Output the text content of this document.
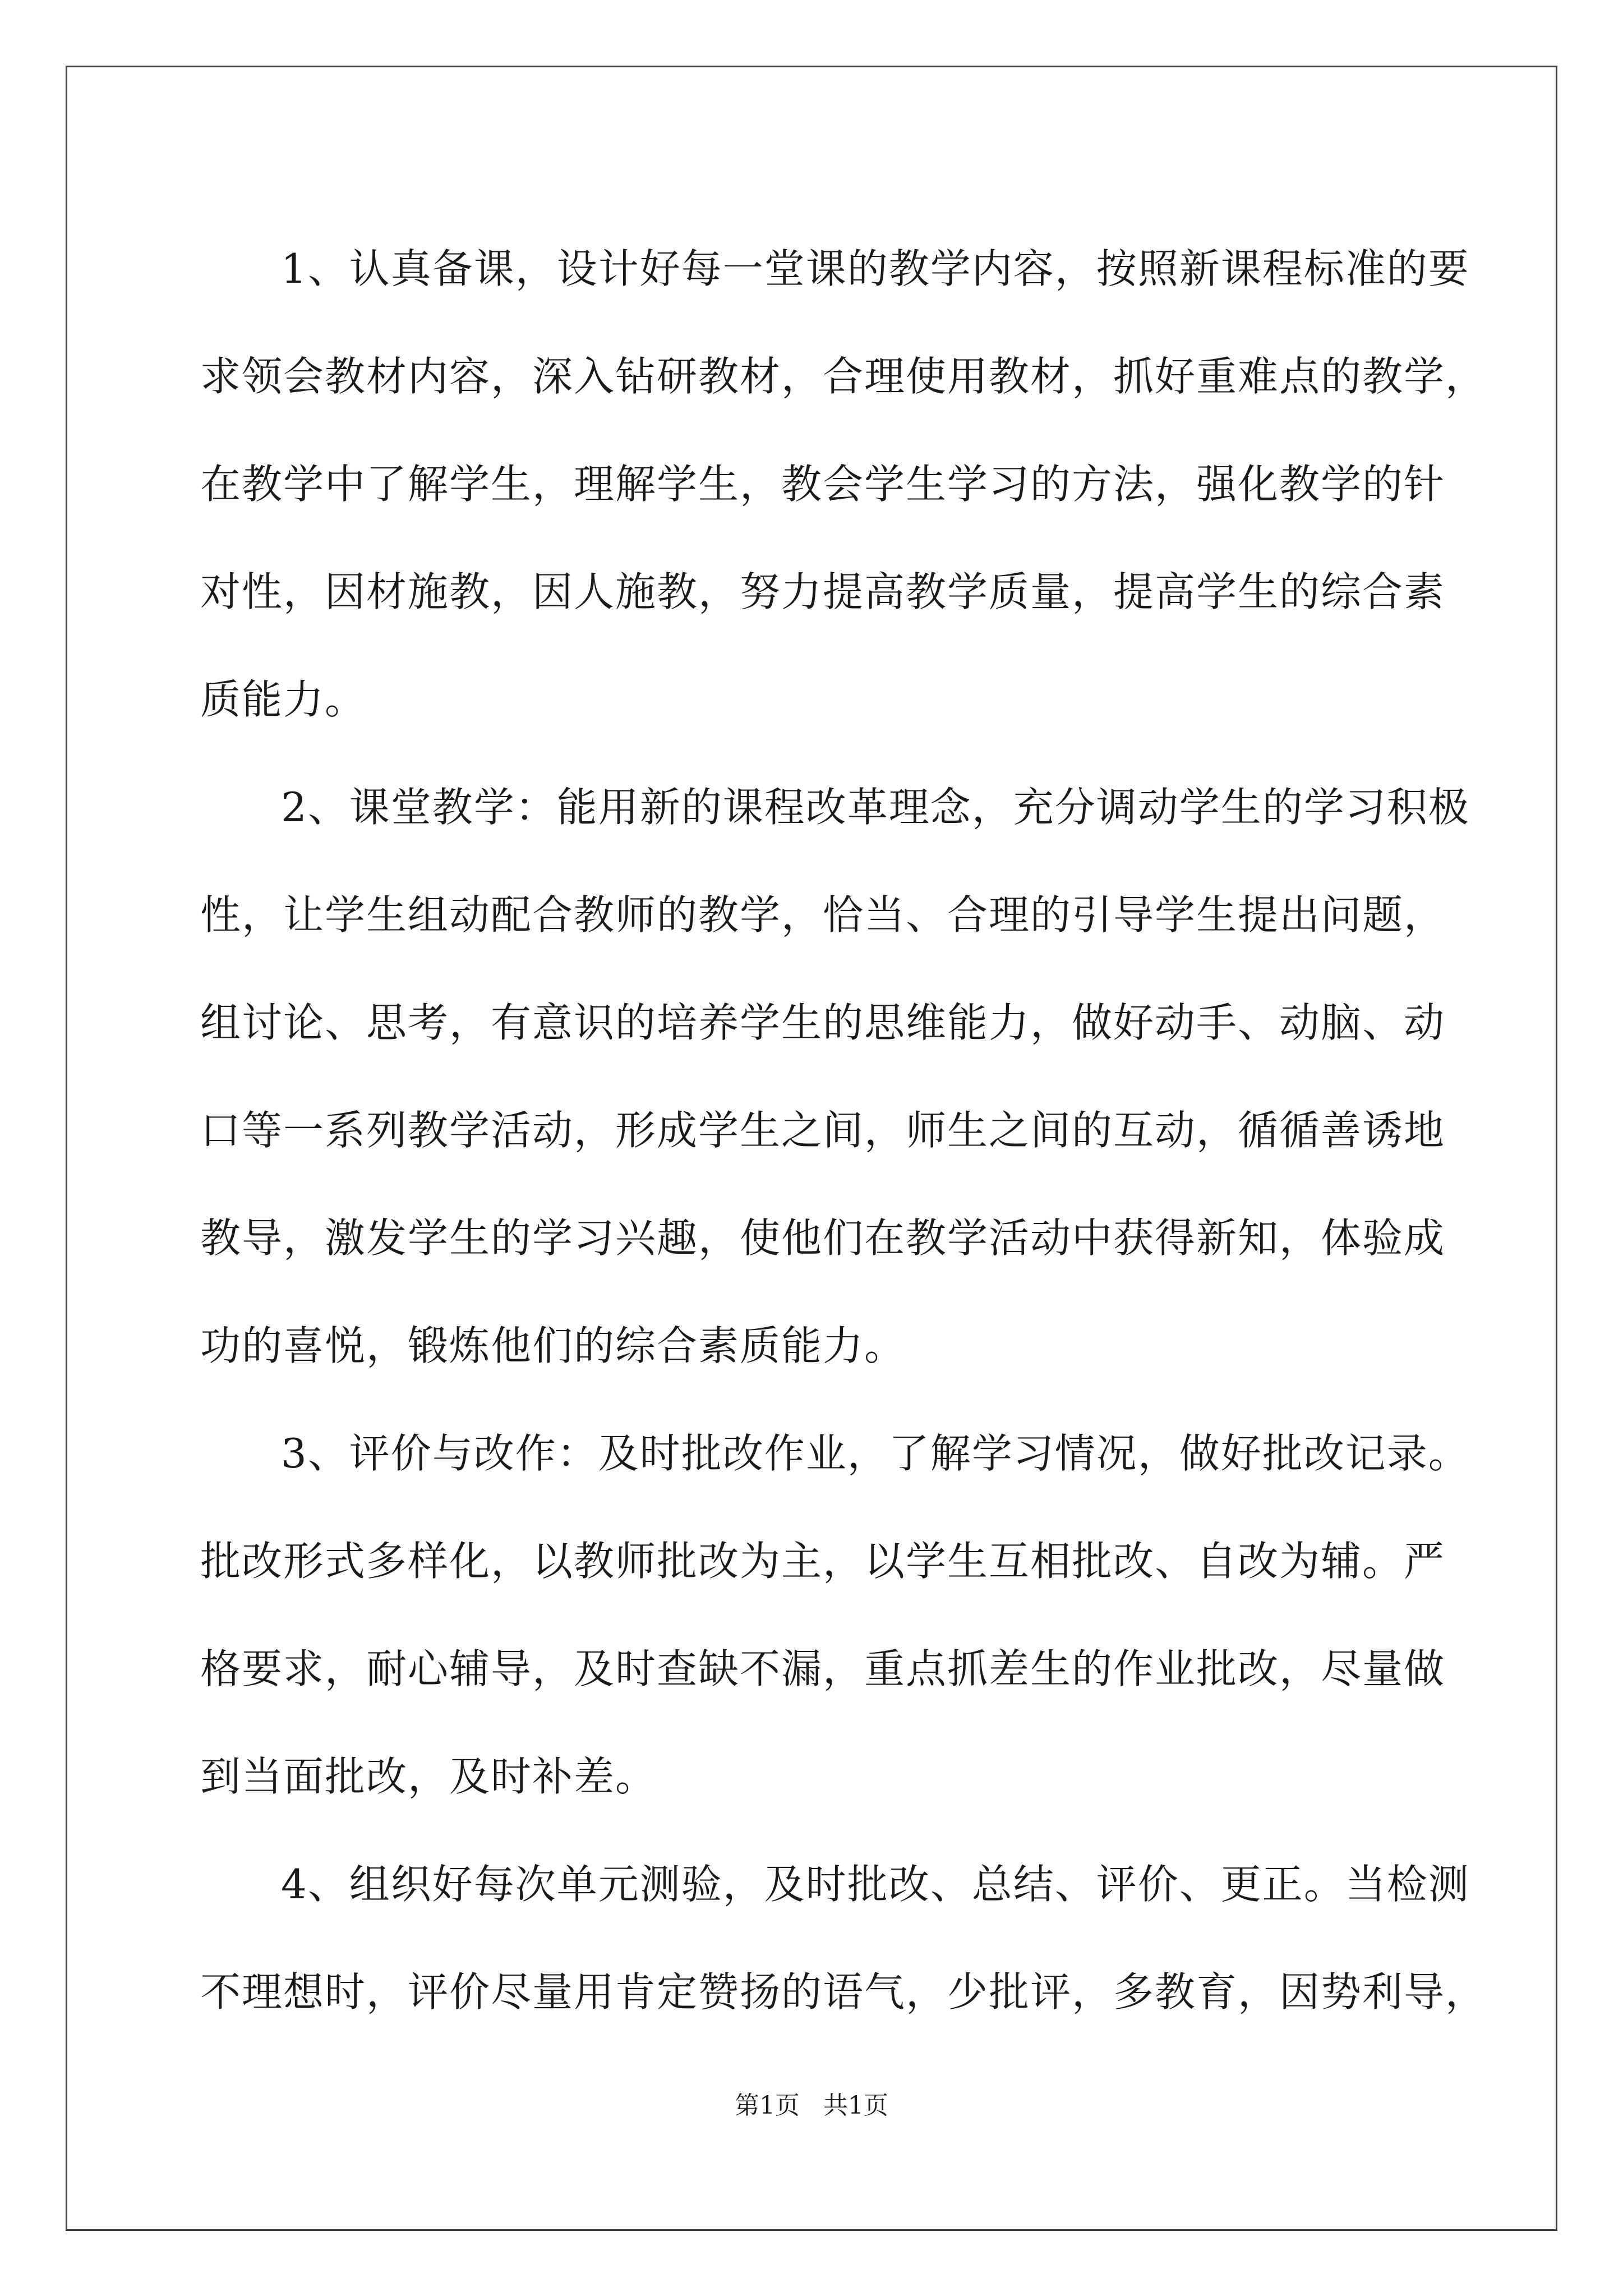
1、认真备课，设计好每一堂课的教学内容，按照新课程标准的要
求领会教材内容，深入钻研教材，合理使用教材，抓好重难点的教学，
在教学中了解学生，理解学生，教会学生学习的方法，强化教学的针
对性，因材施教，因人施教，努力提高教学质量，提高学生的综合素
质能力。

2、课堂教学：能用新的课程改革理念，充分调动学生的学习积极
性，让学生组动配合教师的教学，恰当、合理的引导学生提出问题，
组讨论、思考，有意识的培养学生的思维能力，做好动手、动脑、动
口等一系列教学活动，形成学生之间，师生之间的互动，循循善诱地
教导，激发学生的学习兴趣，使他们在教学活动中获得新知，体验成
功的喜悦，锻炼他们的综合素质能力。

3、评价与改作：及时批改作业，了解学习情况，做好批改记录。
批改形式多样化，以教师批改为主，以学生互相批改、自改为辅。严
格要求，耐心辅导，及时查缺不漏，重点抓差生的作业批改，尽量做
到当面批改，及时补差。

4、组织好每次单元测验，及时批改、总结、评价、更正。当检测
不理想时，评价尽量用肯定赞扬的语气，少批评，多教育，因势利导，

第1页 共1页
